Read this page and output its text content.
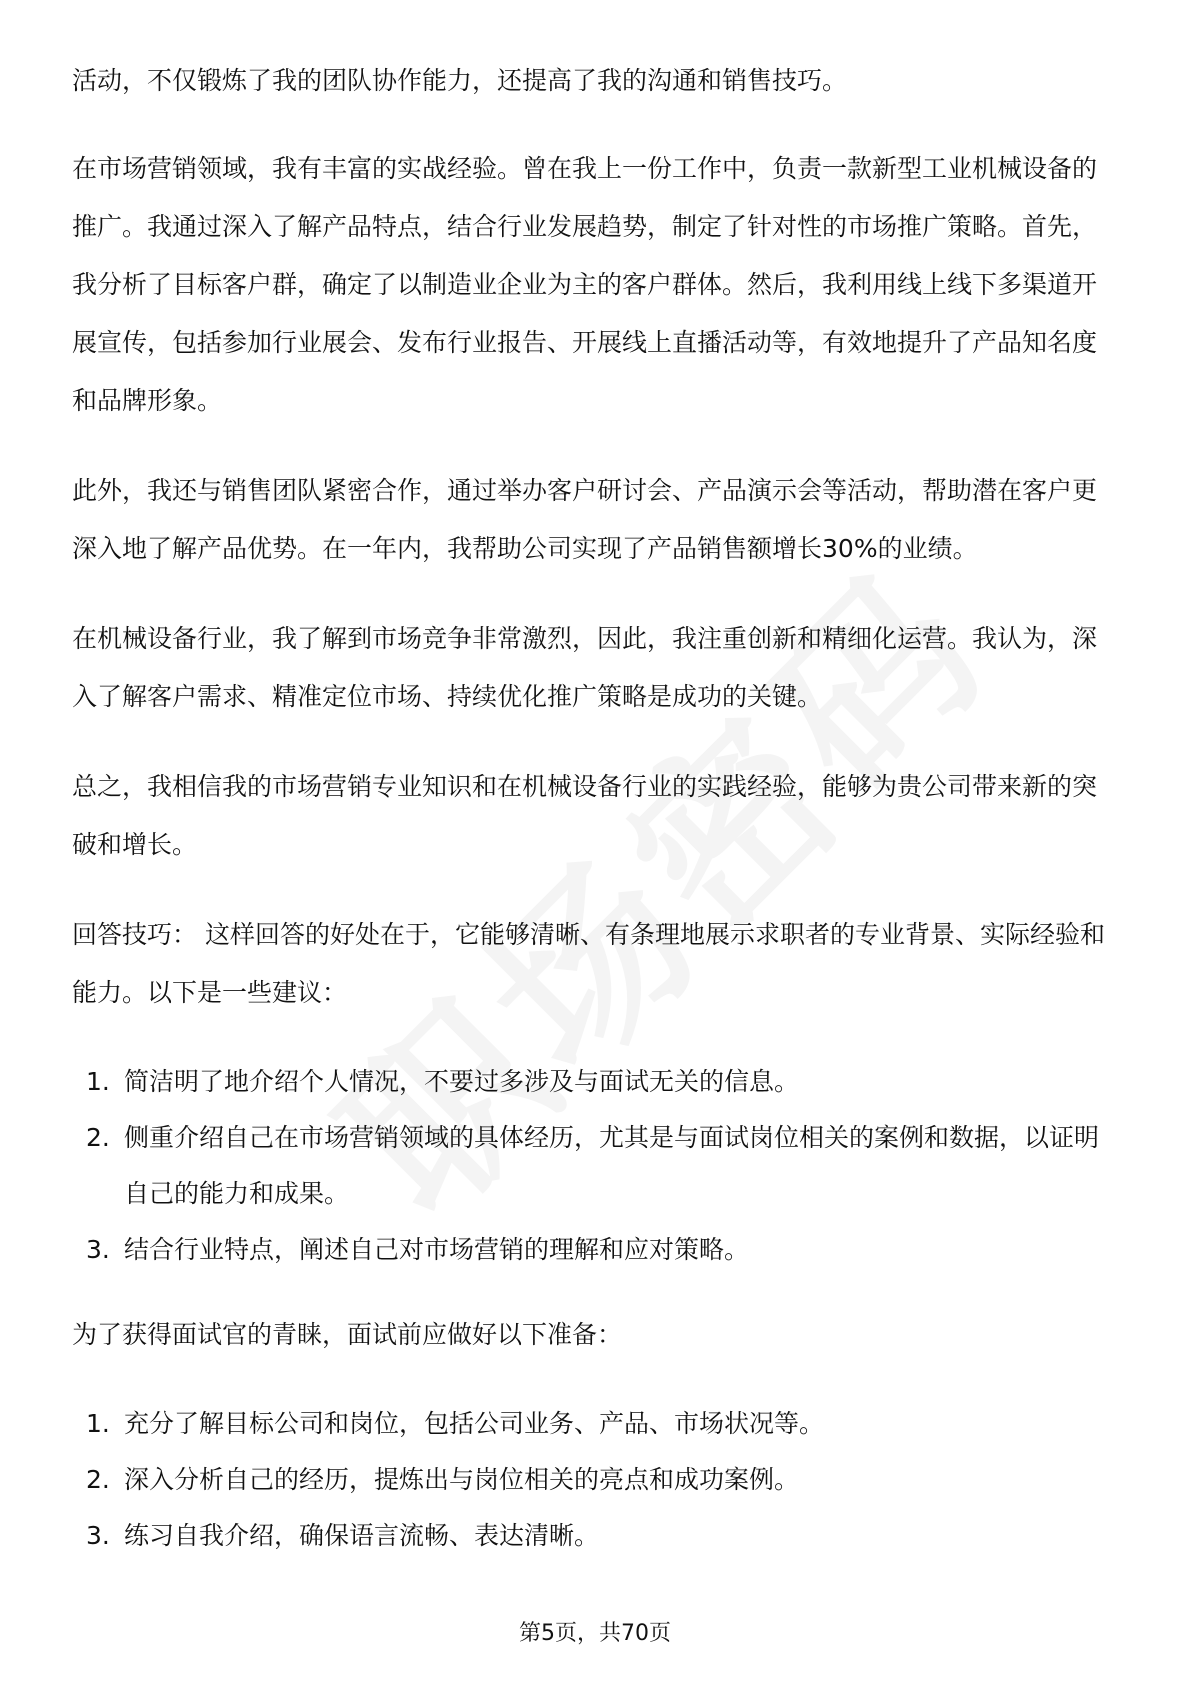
活动，不仅锻炼了我的团队协作能力，还提高了我的沟通和销售技巧。

在市场营销领域，我有丰富的实战经验。曾在我上一份工作中，负责一款新型工业机械设备的推广。我通过深入了解产品特点，结合行业发展趋势，制定了针对性的市场推广策略。首先，我分析了目标客户群，确定了以制造业企业为主的客户群体。然后，我利用线上线下多渠道开展宣传，包括参加行业展会、发布行业报告、开展线上直播活动等，有效地提升了产品知名度和品牌形象。

此外，我还与销售团队紧密合作，通过举办客户研讨会、产品演示会等活动，帮助潜在客户更深入地了解产品优势。在一年内，我帮助公司实现了产品销售额增长30%的业绩。

在机械设备行业，我了解到市场竞争非常激烈，因此，我注重创新和精细化运营。我认为，深入了解客户需求、精准定位市场、持续优化推广策略是成功的关键。

总之，我相信我的市场营销专业知识和在机械设备行业的实践经验，能够为贵公司带来新的突破和增长。

回答技巧： 这样回答的好处在于，它能够清晰、有条理地展示求职者的专业背景、实际经验和能力。以下是一些建议：

1. 简洁明了地介绍个人情况，不要过多涉及与面试无关的信息。
2. 侧重介绍自己在市场营销领域的具体经历，尤其是与面试岗位相关的案例和数据，以证明自己的能力和成果。
3. 结合行业特点，阐述自己对市场营销的理解和应对策略。

为了获得面试官的青睐，面试前应做好以下准备：

1. 充分了解目标公司和岗位，包括公司业务、产品、市场状况等。
2. 深入分析自己的经历，提炼出与岗位相关的亮点和成功案例。
3. 练习自我介绍，确保语言流畅、表达清晰。
第5页，共70页
